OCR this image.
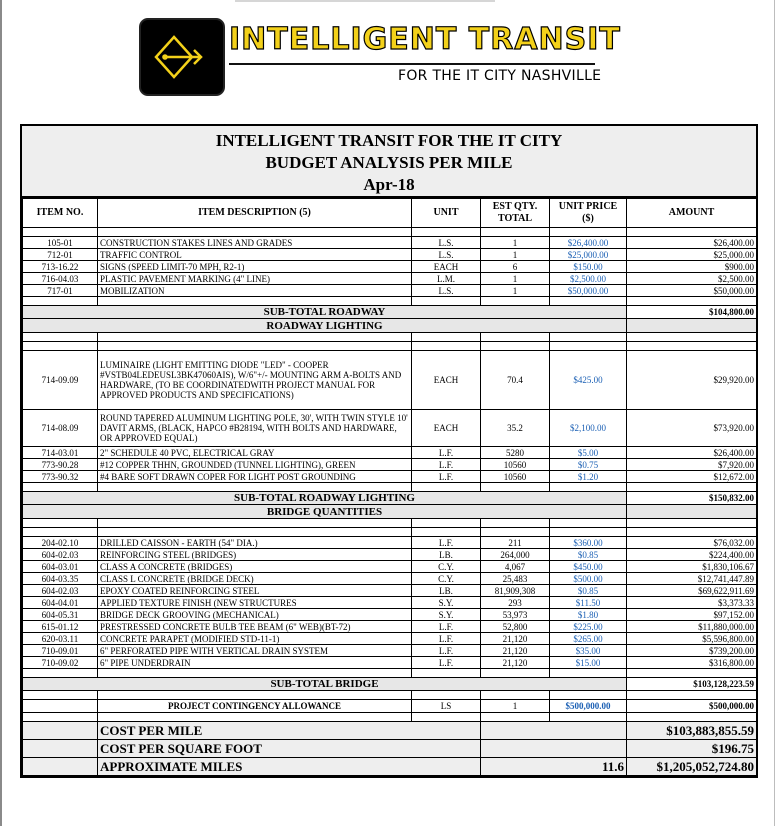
INTELLIGENT TRANSIT
FOR THE IT CITY NASHVILLE
INTELLIGENT TRANSIT FOR THE IT CITY
BUDGET ANALYSIS PER MILE
Apr-18
ITEM NO.	ITEM DESCRIPTION (5)	UNIT	EST QTY. TOTAL	UNIT PRICE ($)	AMOUNT

105-01	CONSTRUCTION STAKES LINES AND GRADES	L.S.	1	$26,400.00	$26,400.00
712-01	TRAFFIC CONTROL	L.S.	1	$25,000.00	$25,000.00
713-16.22	SIGNS (SPEED LIMIT-70 MPH, R2-1)	EACH	6	$150.00	$900.00
716-04.03	PLASTIC PAVEMENT MARKING (4" LINE)	L.M.	1	$2,500.00	$2,500.00
717-01	MOBILIZATION	L.S.	1	$50,000.00	$50,000.00

SUB-TOTAL ROADWAY					$104,800.00
ROADWAY LIGHTING					

714-09.09	LUMINAIRE (LIGHT EMITTING DIODE "LED" - COOPER #VSTB04LEDEUSL3BK47060AIS), W/6"+/- MOUNTING ARM A-BOLTS AND HARDWARE, (TO BE COORDINATEDWITH PROJECT MANUAL FOR APPROVED PRODUCTS AND SPECIFICATIONS)	EACH	70.4	$425.00	$29,920.00
714-08.09	ROUND TAPERED ALUMINUM LIGHTING POLE, 30', WITH TWIN STYLE 10' DAVIT ARMS, (BLACK, HAPCO #B28194, WITH BOLTS AND HARDWARE, OR APPROVED EQUAL)	EACH	35.2	$2,100.00	$73,920.00
714-03.01	2" SCHEDULE 40 PVC, ELECTRICAL GRAY	L.F.	5280	$5.00	$26,400.00
773-90.28	#12 COPPER THHN, GROUNDED (TUNNEL LIGHTING), GREEN	L.F.	10560	$0.75	$7,920.00
773-90.32	#4 BARE SOFT DRAWN COPER FOR LIGHT POST GROUNDING	L.F.	10560	$1.20	$12,672.00

SUB-TOTAL ROADWAY LIGHTING					$150,832.00
BRIDGE QUANTITIES					

204-02.10	DRILLED CAISSON - EARTH (54" DIA.)	L.F.	211	$360.00	$76,032.00
604-02.03	REINFORCING STEEL (BRIDGES)	LB.	264,000	$0.85	$224,400.00
604-03.01	CLASS A CONCRETE (BRIDGES)	C.Y.	4,067	$450.00	$1,830,106.67
604-03.35	CLASS L CONCRETE (BRIDGE DECK)	C.Y.	25,483	$500.00	$12,741,447.89
604-02.03	EPOXY COATED REINFORCING STEEL	LB.	81,909,308	$0.85	$69,622,911.69
604-04.01	APPLIED TEXTURE FINISH (NEW STRUCTURES	S.Y.	293	$11.50	$3,373.33
604-05.31	BRIDGE DECK GROOVING (MECHANICAL)	S.Y.	53,973	$1.80	$97,152.00
615-01.12	PRESTRESSED CONCRETE BULB TEE BEAM (6" WEB)(BT-72)	L.F.	52,800	$225.00	$11,880,000.00
620-03.11	CONCRETE PARAPET (MODIFIED STD-11-1)	L.F.	21,120	$265.00	$5,596,800.00
710-09.01	6" PERFORATED PIPE WITH VERTICAL DRAIN SYSTEM	L.F.	21,120	$35.00	$739,200.00
710-09.02	6" PIPE UNDERDRAIN	L.F.	21,120	$15.00	$316,800.00

SUB-TOTAL BRIDGE					$103,128,223.59

	PROJECT CONTINGENCY ALLOWANCE	LS	1	$500,000.00	$500,000.00

	COST PER MILE				$103,883,855.59
	COST PER SQUARE FOOT				$196.75
	APPROXIMATE MILES		11.6		$1,205,052,724.80
